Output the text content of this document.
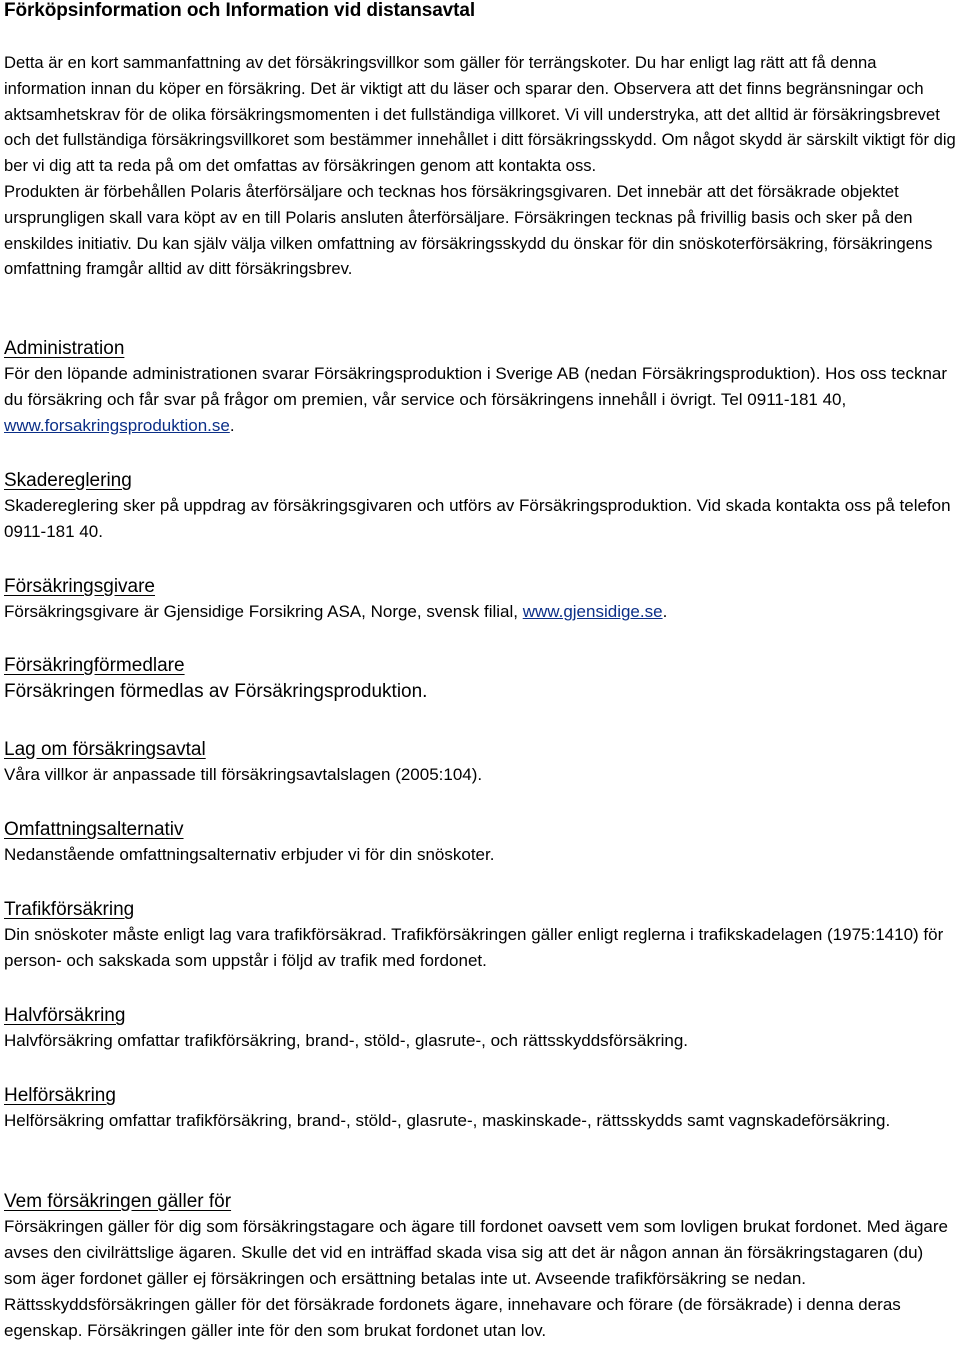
Förköpsinformation och Information vid distansavtal

Detta är en kort sammanfattning av det försäkringsvillkor som gäller för terrängskoter. Du har enligt lag rätt att få denna information innan du köper en försäkring. Det är viktigt att du läser och sparar den. Observera att det finns begränsningar och aktsamhetskrav för de olika försäkringsmomenten i det fullständiga villkoret. Vi vill understryka, att det alltid är försäkringsbrevet och det fullständiga försäkringsvillkoret som bestämmer innehållet i ditt försäkringsskydd. Om något skydd är särskilt viktigt för dig ber vi dig att ta reda på om det omfattas av försäkringen genom att kontakta oss.

Produkten är förbehållen Polaris återförsäljare och tecknas hos försäkringsgivaren. Det innebär att det försäkrade objektet ursprungligen skall vara köpt av en till Polaris ansluten återförsäljare. Försäkringen tecknas på frivillig basis och sker på den enskildes initiativ. Du kan själv välja vilken omfattning av försäkringsskydd du önskar för din snöskoterförsäkring, försäkringens omfattning framgår alltid av ditt försäkringsbrev.

Administration

För den löpande administrationen svarar Försäkringsproduktion i Sverige AB (nedan Försäkringsproduktion). Hos oss tecknar du försäkring och får svar på frågor om premien, vår service och försäkringens innehåll i övrigt. Tel 0911-181 40, www.forsakringsproduktion.se.

Skadereglering

Skadereglering sker på uppdrag av försäkringsgivaren och utförs av Försäkringsproduktion. Vid skada kontakta oss på telefon 0911-181 40.

Försäkringsgivare

Försäkringsgivare är Gjensidige Forsikring ASA, Norge, svensk filial, www.gjensidige.se.

Försäkringförmedlare

Försäkringen förmedlas av Försäkringsproduktion.

Lag om försäkringsavtal

Våra villkor är anpassade till försäkringsavtalslagen (2005:104).

Omfattningsalternativ

Nedanstående omfattningsalternativ erbjuder vi för din snöskoter.

Trafikförsäkring

Din snöskoter måste enligt lag vara trafikförsäkrad. Trafikförsäkringen gäller enligt reglerna i trafikskadelagen (1975:1410) för person- och sakskada som uppstår i följd av trafik med fordonet.

Halvförsäkring

Halvförsäkring omfattar trafikförsäkring, brand-, stöld-, glasrute-, och rättsskyddsförsäkring.

Helförsäkring

Helförsäkring omfattar trafikförsäkring, brand-, stöld-, glasrute-, maskinskade-, rättsskydds samt vagnskadeförsäkring.

Vem försäkringen gäller för

Försäkringen gäller för dig som försäkringstagare och ägare till fordonet oavsett vem som lovligen brukat fordonet. Med ägare avses den civilrättslige ägaren. Skulle det vid en inträffad skada visa sig att det är någon annan än försäkringstagaren (du) som äger fordonet gäller ej försäkringen och ersättning betalas inte ut. Avseende trafikförsäkring se nedan. Rättsskyddsförsäkringen gäller för det försäkrade fordonets ägare, innehavare och förare (de försäkrade) i denna deras egenskap. Försäkringen gäller inte för den som brukat fordonet utan lov.
